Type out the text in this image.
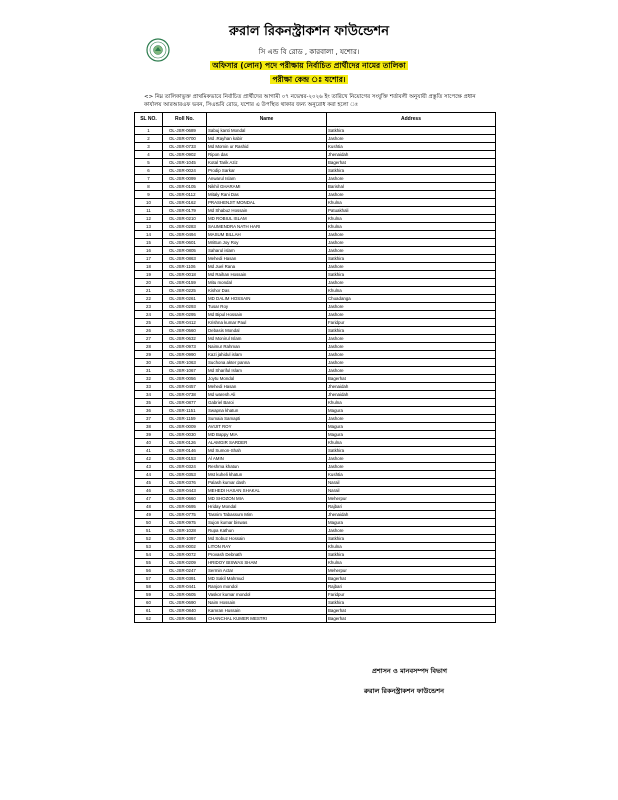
রুরাল রিকনস্ট্রাকশন ফাউন্ডেশন
সি এন্ড বি রোড , কারবালা , যশোর।
অফিসার (লোন) পদে পরীক্ষায় নির্বাচিত প্রার্থীদের নামের তালিকা
পরীক্ষা কেন্দ্র ঃ যশোর।
<> নিম্ন তালিকাভুক্ত প্রাথমিকভাবে নির্বাচিত প্রার্থীদের আগামী ০৭ নভেম্বর-২০২৬ ইং তারিখে নিয়োগের সংযুক্তি শর্তাবলী অনুযায়ী প্রস্তুতি সাপেক্ষে প্রধান কার্যালয় আরআরএফ ভবন, সিএন্ডবি রোড, যশোর এ উপস্থিত থাকার জন্য অনুরোধ করা হলো ঃ
SL NO.	Roll No.	Name	Address
1	OL-JSR-0689	Sabuj kanti Mondal	Satkhira
2	OL-JSR-0700	Md .Rayhan kabir	Jashore
3	OL-JSR-0733	Md Momin ur Rashid	Kushtia
4	OL-JSR-0902	Ripon das	Jhenaidah
5	OL-JSR-1045	Kotal Tarik Aziz	Bagerhat
6	OL-JSR-0024	Prodip Sarkar	Satkhira
7	OL-JSR-0099	Anwarul Islam	Jashore
8	OL-JSR-0105	Nikhil GHARAMI	Barishal
9	OL-JSR-0112	Mitaly Rani Das	Jashore
10	OL-JSR-0162	PRASHENJIT MONDAL	Khulna
11	OL-JSR-0179	Md Shabuz Hossain	Patuakhali
12	OL-JSR-0210	MD ROBIUL ISLAM	Khulna
13	OL-JSR-0283	SAUMENDRA NATH HARI	Khulna
14	OL-JSR-0494	MASUM BILLAH	Jashore
15	OL-JSR-0601	Mrittun Joy Roy	Jashore
16	OL-JSR-0805	Saharul islam	Jashore
17	OL-JSR-0863	Mehedi Hasan	Satkhira
18	OL-JSR-1106	Md Juel Rana	Jashore
19	OL-JSR-0018	Md Raihan Hossain	Satkhira
20	OL-JSR-0159	Mitu mondal	Jashore
21	OL-JSR-0225	Kishor Das	Khulna
22	OL-JSR-0261	MD DALIM HOSSAIN	Chuadanga
23	OL-JSR-0293	Tusar Roy	Jashore
24	OL-JSR-0295	Md Bipul Hossain	Jashore
25	OL-JSR-0412	Krishna kumar Paul	Faridpur
26	OL-JSR-0560	Debasis Mondal	Satkhira
27	OL-JSR-0632	Md Monirul Islam	Jashore
28	OL-JSR-0973	Naimur Rahman	Jashore
29	OL-JSR-0990	Kazi jahidul islam	Jashore
30	OL-JSR-1063	Suchona akter panna	Jashore
31	OL-JSR-1067	Md Shariful Islam	Jashore
32	OL-JSR-0056	Joytu Mondal	Bagerhat
33	OL-JSR-0457	Mehedi Hasan	Jhenaidah
34	OL-JSR-0738	Md waresh Ali	Jhenaidah
35	OL-JSR-0877	Gabriel Baroi	Khulna
36	OL-JSR-1151	Swapna khatun	Magura
37	OL-JSR-1159	Sumaia Samapti	Jashore
38	OL-JSR-0009	AVIJIT ROY	Magura
39	OL-JSR-0030	MD Bappy MIA	Magura
40	OL-JSR-0126	ALAMGIR SARDER	Khulna
41	OL-JSR-0146	Md Sumon-Shah	Satkhira
42	OL-JSR-0153	Al AMIN	Jashore
43	OL-JSR-0324	Reshma khatun	Jashore
44	OL-JSR-0353	Mst kuheli khatun	Kushtia
45	OL-JSR-0376	Palash kumar dash	Narail
46	OL-JSR-0443	MEHEDI HASAN SHAKAL	Narail
47	OL-JSR-0660	MD SHOZON MIA	Meherpur
48	OL-JSR-0695	Hriday Mondal	Rajbari
49	OL-JSR-0775	Tasnim Tabassum Mim	Jhenaidah
50	OL-JSR-0975	Sujon kumar biswas	Magura
51	OL-JSR-1028	Rupa Kathun	Jashore
52	OL-JSR-1097	Md Sobuz Hossain	Satkhira
53	OL-JSR-0002	LITON RAY	Khulna
54	OL-JSR-0072	Provash Debnath	Satkhira
55	OL-JSR-0209	HRIDOY BISWAS SHAM	Khulna
56	OL-JSR-0247	Sermin Actar	Meherpur
57	OL-JSR-0391	MD Sakil Mahmud	Bagerhat
58	OL-JSR-0441	Ranjon mondol	Rajbari
59	OL-JSR-0605	Vaskor kumar mondol	Faridpur
60	OL-JSR-0690	Naim Hossain	Satkhira
61	OL-JSR-0840	Kamran Hussain	Bagerhat
62	OL-JSR-0864	CHANCHAL KUMER MESTRI	Bagerhat
প্রশাসন ও মানবসম্পদ বিভাগ
রুরাল রিকনস্ট্রাকশন ফাউন্ডেশন
